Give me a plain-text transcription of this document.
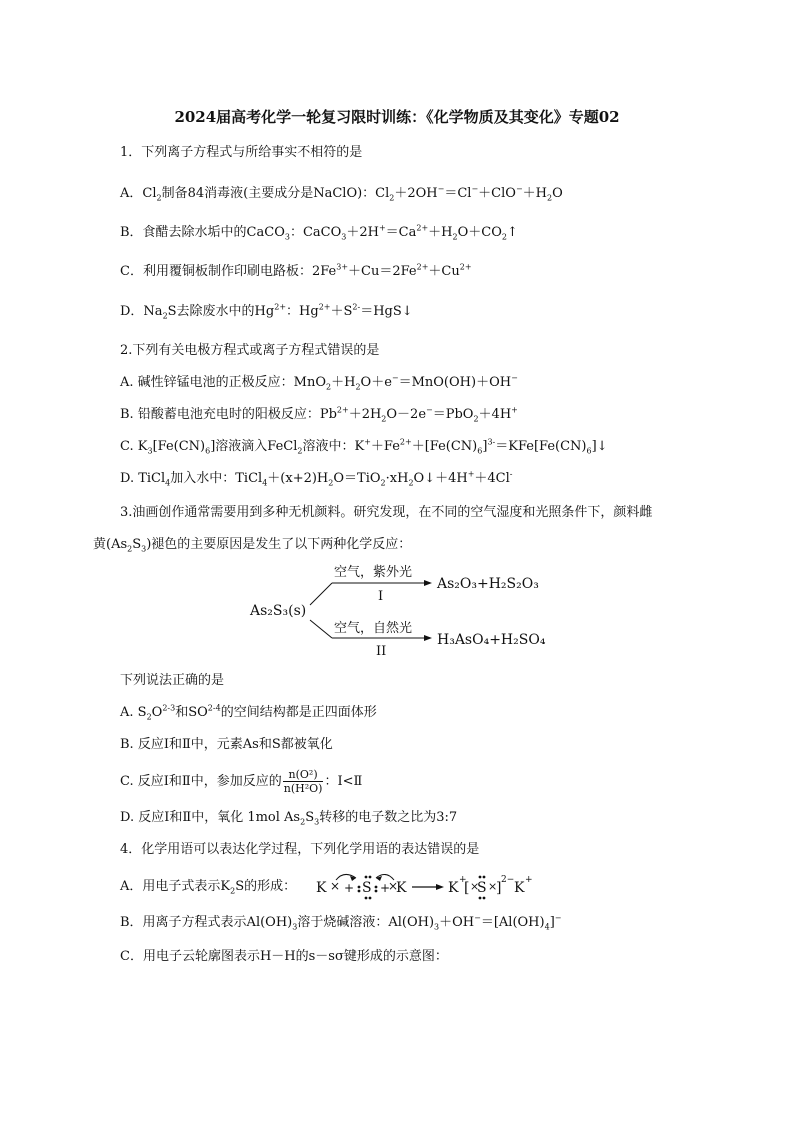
2024届高考化学一轮复习限时训练：《化学物质及其变化》专题02
1．下列离子方程式与所给事实不相符的是
A．$Cl_2$制备84消毒液(主要成分是NaClO)：$Cl_2+2OH^-=Cl^-+ClO^-+H_2O$
B．食醋去除水垢中的CaCO$_3$：$CaCO_3+2H^+=Ca^{2+}+H_2O+CO_2↑$
C．利用覆铜板制作印刷电路板：$2Fe^{3+}+Cu=2Fe^{2+}+Cu^{2+}$
D．$Na_2S$去除废水中的$Hg^{2+}$：$Hg^{2+}+S^{2-}=HgS↓$
2.下列有关电极方程式或离子方程式错误的是
A. 碱性锌锰电池的正极反应：$MnO_2+H_2O+e^-=MnO(OH)+OH^-$
B. 铅酸蓄电池充电时的阳极反应：$Pb^{2+}+2H_2O-2e^-=PbO_2+4H^+$
C. $K_3[Fe(CN)_6]$溶液滴入FeCl$_2$溶液中：$K^++Fe^{2+}+[Fe(CN)_6]^{3-}=KFe[Fe(CN)_6]↓$
D. TiCl$_4$加入水中：$TiCl_4+(x+2)H_2O=TiO_2\cdot xH_2O↓+4H^++4Cl^-$
3.油画创作通常需要用到多种无机颜料。研究发现，在不同的空气湿度和光照条件下，颜料雌
黄$(As_2S_3)$褪色的主要原因是发生了以下两种化学反应：
As₂S₃(s)
空气，紫外光
I
As₂O₃+H₂S₂O₃
空气，自然光
II
H₃AsO₄+H₂SO₄
下列说法正确的是
A. $S_2O^{2-3}$和SO$^{2-4}$的空间结构都是正四面体形
B. 反应Ⅰ和Ⅱ中，元素As和S都被氧化
C. 反应Ⅰ和Ⅱ中，参加反应的 $\frac{\text{n(O²)}}{\text{n(H²O)}}$ ：Ⅰ<Ⅱ
D. 反应Ⅰ和Ⅱ中，氧化 1mol $As_2S_3$转移的电子数之比为3:7
4．化学用语可以表达化学过程，下列化学用语的表达错误的是
A．用电子式表示$K_2S$的形成： K × + S +
×
K	K +
[ ×
S ×
] 2− K +
B．用离子方程式表示$Al(OH)_3$溶于烧碱溶液：$Al(OH)_3+OH^-=[Al(OH)_4]^-$
C．用电子云轮廓图表示H－H的s－sσ键形成的示意图：
